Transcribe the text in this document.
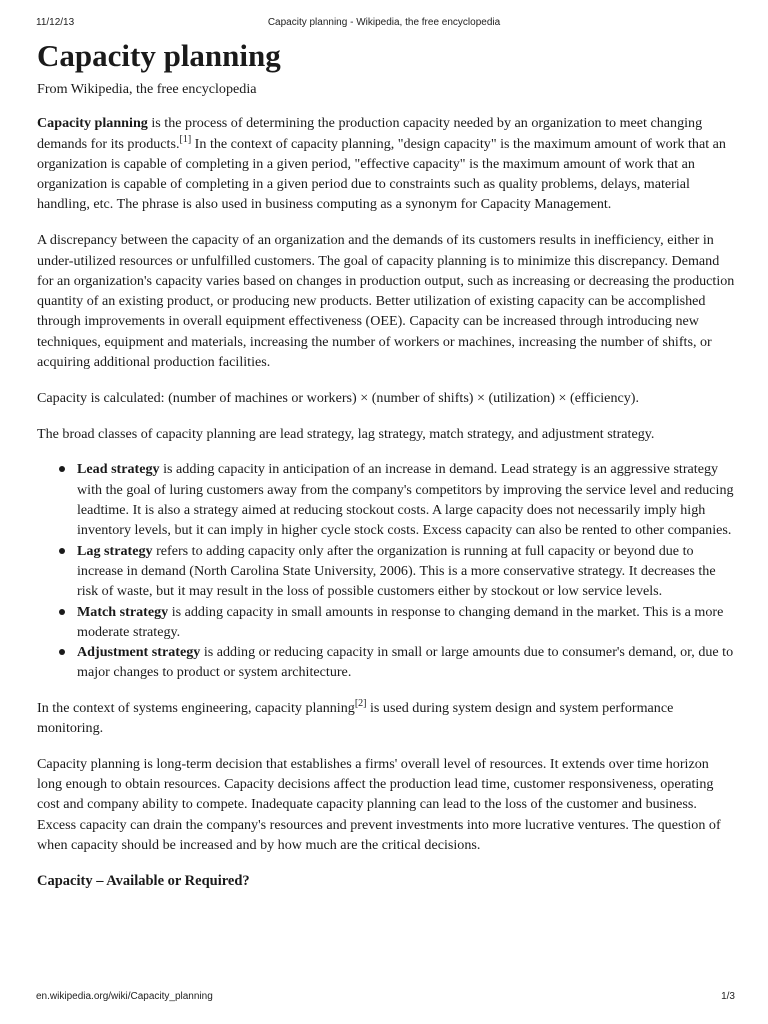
11/12/13	Capacity planning - Wikipedia, the free encyclopedia
Capacity planning
From Wikipedia, the free encyclopedia

Capacity planning is the process of determining the production capacity needed by an organization to meet changing demands for its products.[1] In the context of capacity planning, "design capacity" is the maximum amount of work that an organization is capable of completing in a given period, "effective capacity" is the maximum amount of work that an organization is capable of completing in a given period due to constraints such as quality problems, delays, material handling, etc. The phrase is also used in business computing as a synonym for Capacity Management.

A discrepancy between the capacity of an organization and the demands of its customers results in inefficiency, either in under-utilized resources or unfulfilled customers. The goal of capacity planning is to minimize this discrepancy. Demand for an organization's capacity varies based on changes in production output, such as increasing or decreasing the production quantity of an existing product, or producing new products. Better utilization of existing capacity can be accomplished through improvements in overall equipment effectiveness (OEE). Capacity can be increased through introducing new techniques, equipment and materials, increasing the number of workers or machines, increasing the number of shifts, or acquiring additional production facilities.

Capacity is calculated: (number of machines or workers) × (number of shifts) × (utilization) × (efficiency).

The broad classes of capacity planning are lead strategy, lag strategy, match strategy, and adjustment strategy.

Lead strategy is adding capacity in anticipation of an increase in demand. Lead strategy is an aggressive strategy with the goal of luring customers away from the company's competitors by improving the service level and reducing leadtime. It is also a strategy aimed at reducing stockout costs. A large capacity does not necessarily imply high inventory levels, but it can imply in higher cycle stock costs. Excess capacity can also be rented to other companies.
Lag strategy refers to adding capacity only after the organization is running at full capacity or beyond due to increase in demand (North Carolina State University, 2006). This is a more conservative strategy. It decreases the risk of waste, but it may result in the loss of possible customers either by stockout or low service levels.
Match strategy is adding capacity in small amounts in response to changing demand in the market. This is a more moderate strategy.
Adjustment strategy is adding or reducing capacity in small or large amounts due to consumer's demand, or, due to major changes to product or system architecture.

In the context of systems engineering, capacity planning[2] is used during system design and system performance monitoring.

Capacity planning is long-term decision that establishes a firms' overall level of resources. It extends over time horizon long enough to obtain resources. Capacity decisions affect the production lead time, customer responsiveness, operating cost and company ability to compete. Inadequate capacity planning can lead to the loss of the customer and business. Excess capacity can drain the company's resources and prevent investments into more lucrative ventures. The question of when capacity should be increased and by how much are the critical decisions.

Capacity – Available or Required?
en.wikipedia.org/wiki/Capacity_planning	1/3
